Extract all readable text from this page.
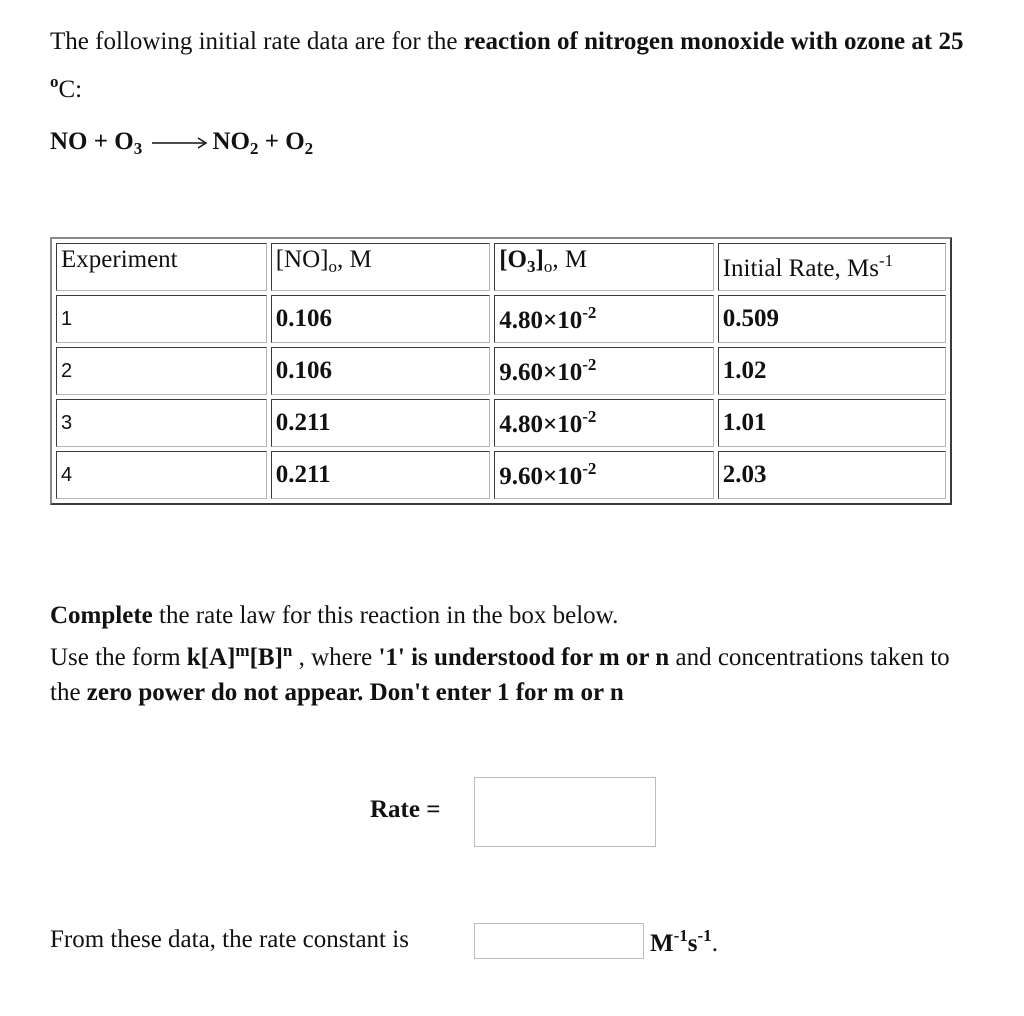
The following initial rate data are for the reaction of nitrogen monoxide with ozone at 25 $^o$C:

NO + $O_3 \to NO_2 + O_2$
Experiment	$[NO]_o$, M	$[O_3]_o$, M	Initial Rate, $Ms^{-1}$
1	0.106	$4.80\times 10^{-2}$	0.509
2	0.106	$9.60\times 10^{-2}$	1.02
3	0.211	$4.80\times 10^{-2}$	1.01
4	0.211	$9.60\times 10^{-2}$	2.03

Complete the rate law for this reaction in the box below.
Use the form $k[A]^m[B]^n$ , where '1' is understood for m or n and concentrations taken to the zero power do not appear. Don't enter 1 for m or n

Rate =
From these data, the rate constant is	$M^{-1}s^{-1}$.
